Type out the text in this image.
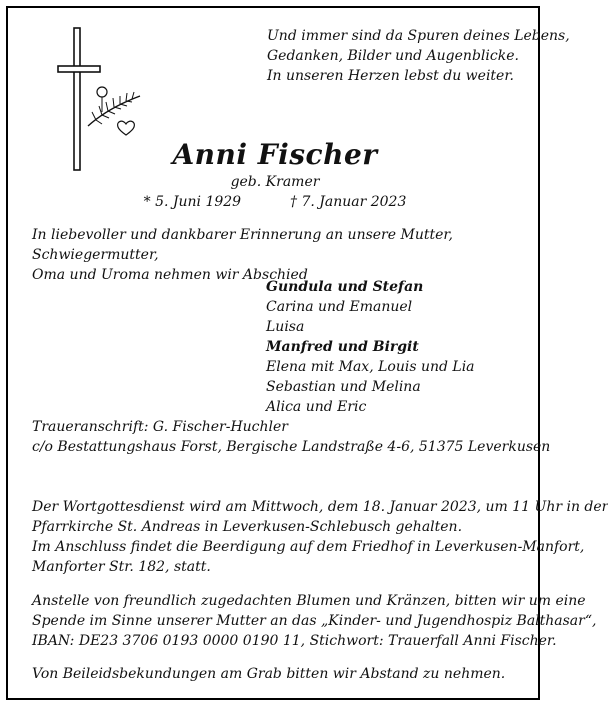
Und immer sind da Spuren deines Lebens,
Gedanken, Bilder und Augenblicke.
In unseren Herzen lebst du weiter.
Anni Fischer
geb. Kramer
* 5. Juni 1929	† 7. Januar 2023
In liebevoller und dankbarer Erinnerung an unsere Mutter, Schwiegermutter,
Oma und Uroma nehmen wir Abschied
Gundula und Stefan
Carina und Emanuel
Luisa
Manfred und Birgit
Elena mit Max, Louis und Lia
Sebastian und Melina
Alica und Eric
Traueranschrift: G. Fischer-Huchler
c/o Bestattungshaus Forst, Bergische Landstraße 4-6, 51375 Leverkusen
Der Wortgottesdienst wird am Mittwoch, dem 18. Januar 2023, um 11 Uhr in der
Pfarrkirche St. Andreas in Leverkusen-Schlebusch gehalten.
Im Anschluss findet die Beerdigung auf dem Friedhof in Leverkusen-Manfort,
Manforter Str. 182, statt.
Anstelle von freundlich zugedachten Blumen und Kränzen, bitten wir um eine
Spende im Sinne unserer Mutter an das „Kinder- und Jugendhospiz Balthasar“,
IBAN: DE23 3706 0193 0000 0190 11, Stichwort: Trauerfall Anni Fischer.
Von Beileidsbekundungen am Grab bitten wir Abstand zu nehmen.
